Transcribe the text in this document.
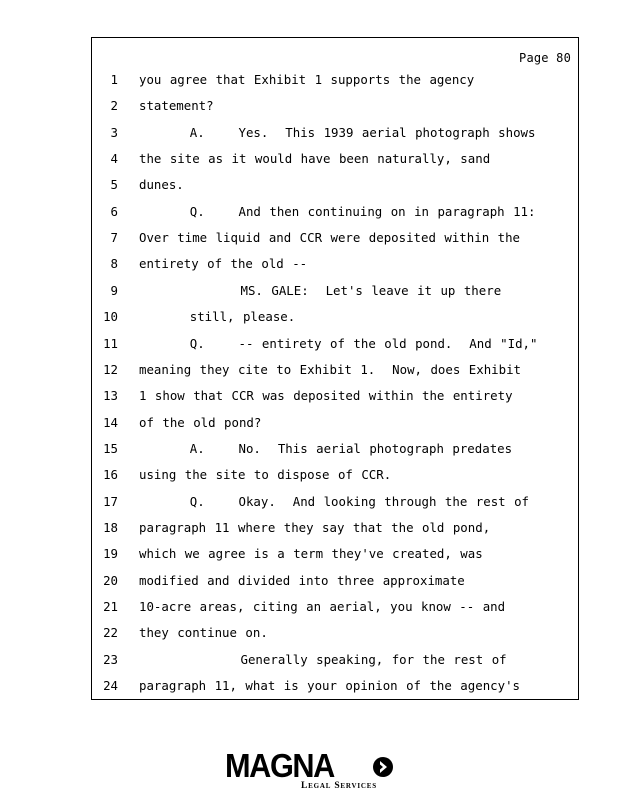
Page 80
1 you agree that Exhibit 1 supports the agency
2 statement?
3 A.    Yes.  This 1939 aerial photograph shows
4 the site as it would have been naturally, sand
5 dunes.
6 Q.    And then continuing on in paragraph 11:
7 Over time liquid and CCR were deposited within the
8 entirety of the old --
9 MS. GALE:  Let's leave it up there
10 still, please.
11 Q.    -- entirety of the old pond.  And "Id,"
12 meaning they cite to Exhibit 1.  Now, does Exhibit
13 1 show that CCR was deposited within the entirety
14 of the old pond?
15 A.    No.  This aerial photograph predates
16 using the site to dispose of CCR.
17 Q.    Okay.  And looking through the rest of
18 paragraph 11 where they say that the old pond,
19 which we agree is a term they've created, was
20 modified and divided into three approximate
21 10-acre areas, citing an aerial, you know -- and
22 they continue on.
23 Generally speaking, for the rest of
24 paragraph 11, what is your opinion of the agency's
MAGNA
Legal Services
